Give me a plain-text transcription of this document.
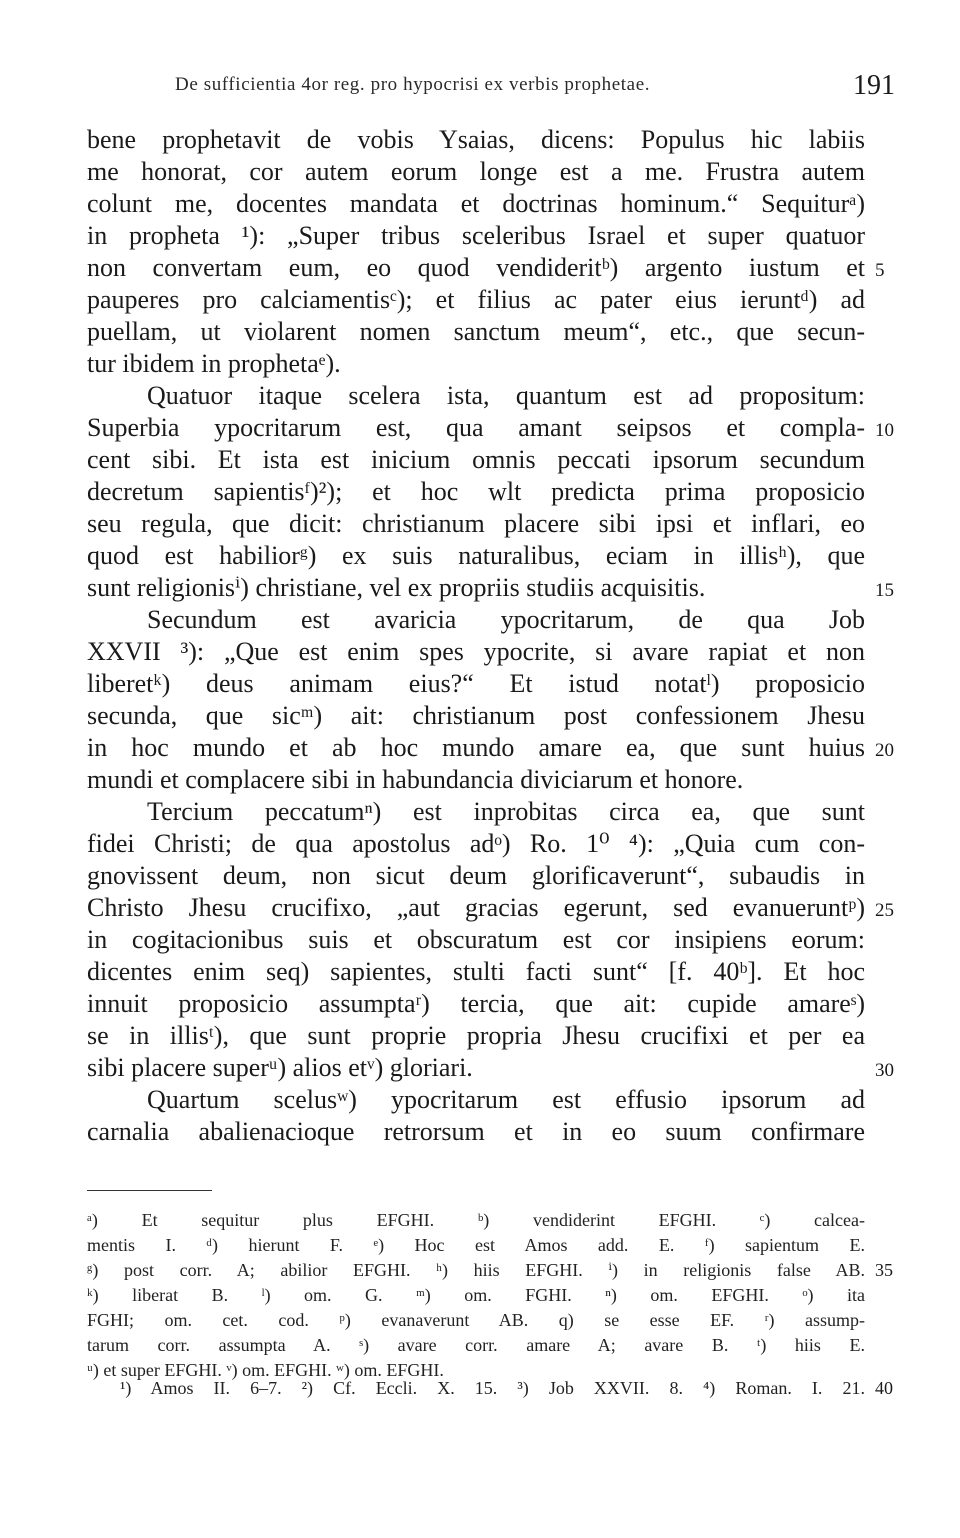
De sufficientia 4or reg. pro hypocrisi ex verbis prophetae.	191
bene prophetavit de vobis Ysaias, dicens: Populus hic labiis
me honorat, cor autem eorum longe est a me. Frustra autem
colunt me, docentes mandata et doctrinas hominum.“ Sequiturᵃ)
in propheta ¹): „Super tribus sceleribus Israel et super quatuor
non convertam eum, eo quod vendideritᵇ) argento iustum et 5
pauperes pro calciamentisᶜ); et filius ac pater eius ieruntᵈ) ad
puellam, ut violarent nomen sanctum meum“, etc., que secun-
tur ibidem in prophetaᵉ).
Quatuor itaque scelera ista, quantum est ad propositum:
Superbia ypocritarum est, qua amant seipsos et compla- 10
cent sibi. Et ista est inicium omnis peccati ipsorum secundum
decretum sapientisᶠ)²); et hoc wlt predicta prima proposicio
seu regula, que dicit: christianum placere sibi ipsi et inflari, eo
quod est habiliorᵍ) ex suis naturalibus, eciam in illisʰ), que
sunt religionisⁱ) christiane, vel ex propriis studiis acquisitis.	15
Secundum est avaricia ypocritarum, de qua Job
XXVII ³): „Que est enim spes ypocrite, si avare rapiat et non
liberetᵏ) deus animam eius?“ Et istud notatˡ) proposicio
secunda, que sicᵐ) ait: christianum post confessionem Jhesu
in hoc mundo et ab hoc mundo amare ea, que sunt huius 20
mundi et complacere sibi in habundancia diviciarum et honore.
Tercium peccatumⁿ) est inprobitas circa ea, que sunt
fidei Christi; de qua apostolus adᵒ) Ro. 1⁰ ⁴): „Quia cum con-
gnovissent deum, non sicut deum glorificaverunt“, subaudis in
Christo Jhesu crucifixo, „aut gracias egerunt, sed evanueruntᵖ) 25
in cogitacionibus suis et obscuratum est cor insipiens eorum:
dicentes enim seq) sapientes, stulti facti sunt“ [f. 40ᵇ]. Et hoc
innuit proposicio assumptaʳ) tercia, que ait: cupide amareˢ)
se in illisᵗ), que sunt proprie propria Jhesu crucifixi et per ea
sibi placere superᵘ) alios etᵛ) gloriari.	30
Quartum scelusʷ) ypocritarum est effusio ipsorum ad
carnalia abalienacioque retrorsum et in eo suum confirmare
ᵃ) Et sequitur plus EFGHI. ᵇ) vendiderint EFGHI. ᶜ) calcea-
mentis I. ᵈ) hierunt F. ᵉ) Hoc est Amos add. E. ᶠ) sapientum E.
ᵍ) post corr. A; abilior EFGHI. ʰ) hiis EFGHI. ⁱ) in religionis false AB. 35
ᵏ) liberat B. ˡ) om. G. ᵐ) om. FGHI. ⁿ) om. EFGHI. ᵒ) ita
FGHI; om. cet. cod. ᵖ) evanaverunt AB. q) se esse EF. ʳ) assump-
tarum corr. assumpta A. ˢ) avare corr. amare A; avare B. ᵗ) hiis E.
ᵘ) et super EFGHI. ᵛ) om. EFGHI. ʷ) om. EFGHI.
¹) Amos II. 6–7. ²) Cf. Eccli. X. 15. ³) Job XXVII. 8. ⁴) Roman. I. 21. 40
